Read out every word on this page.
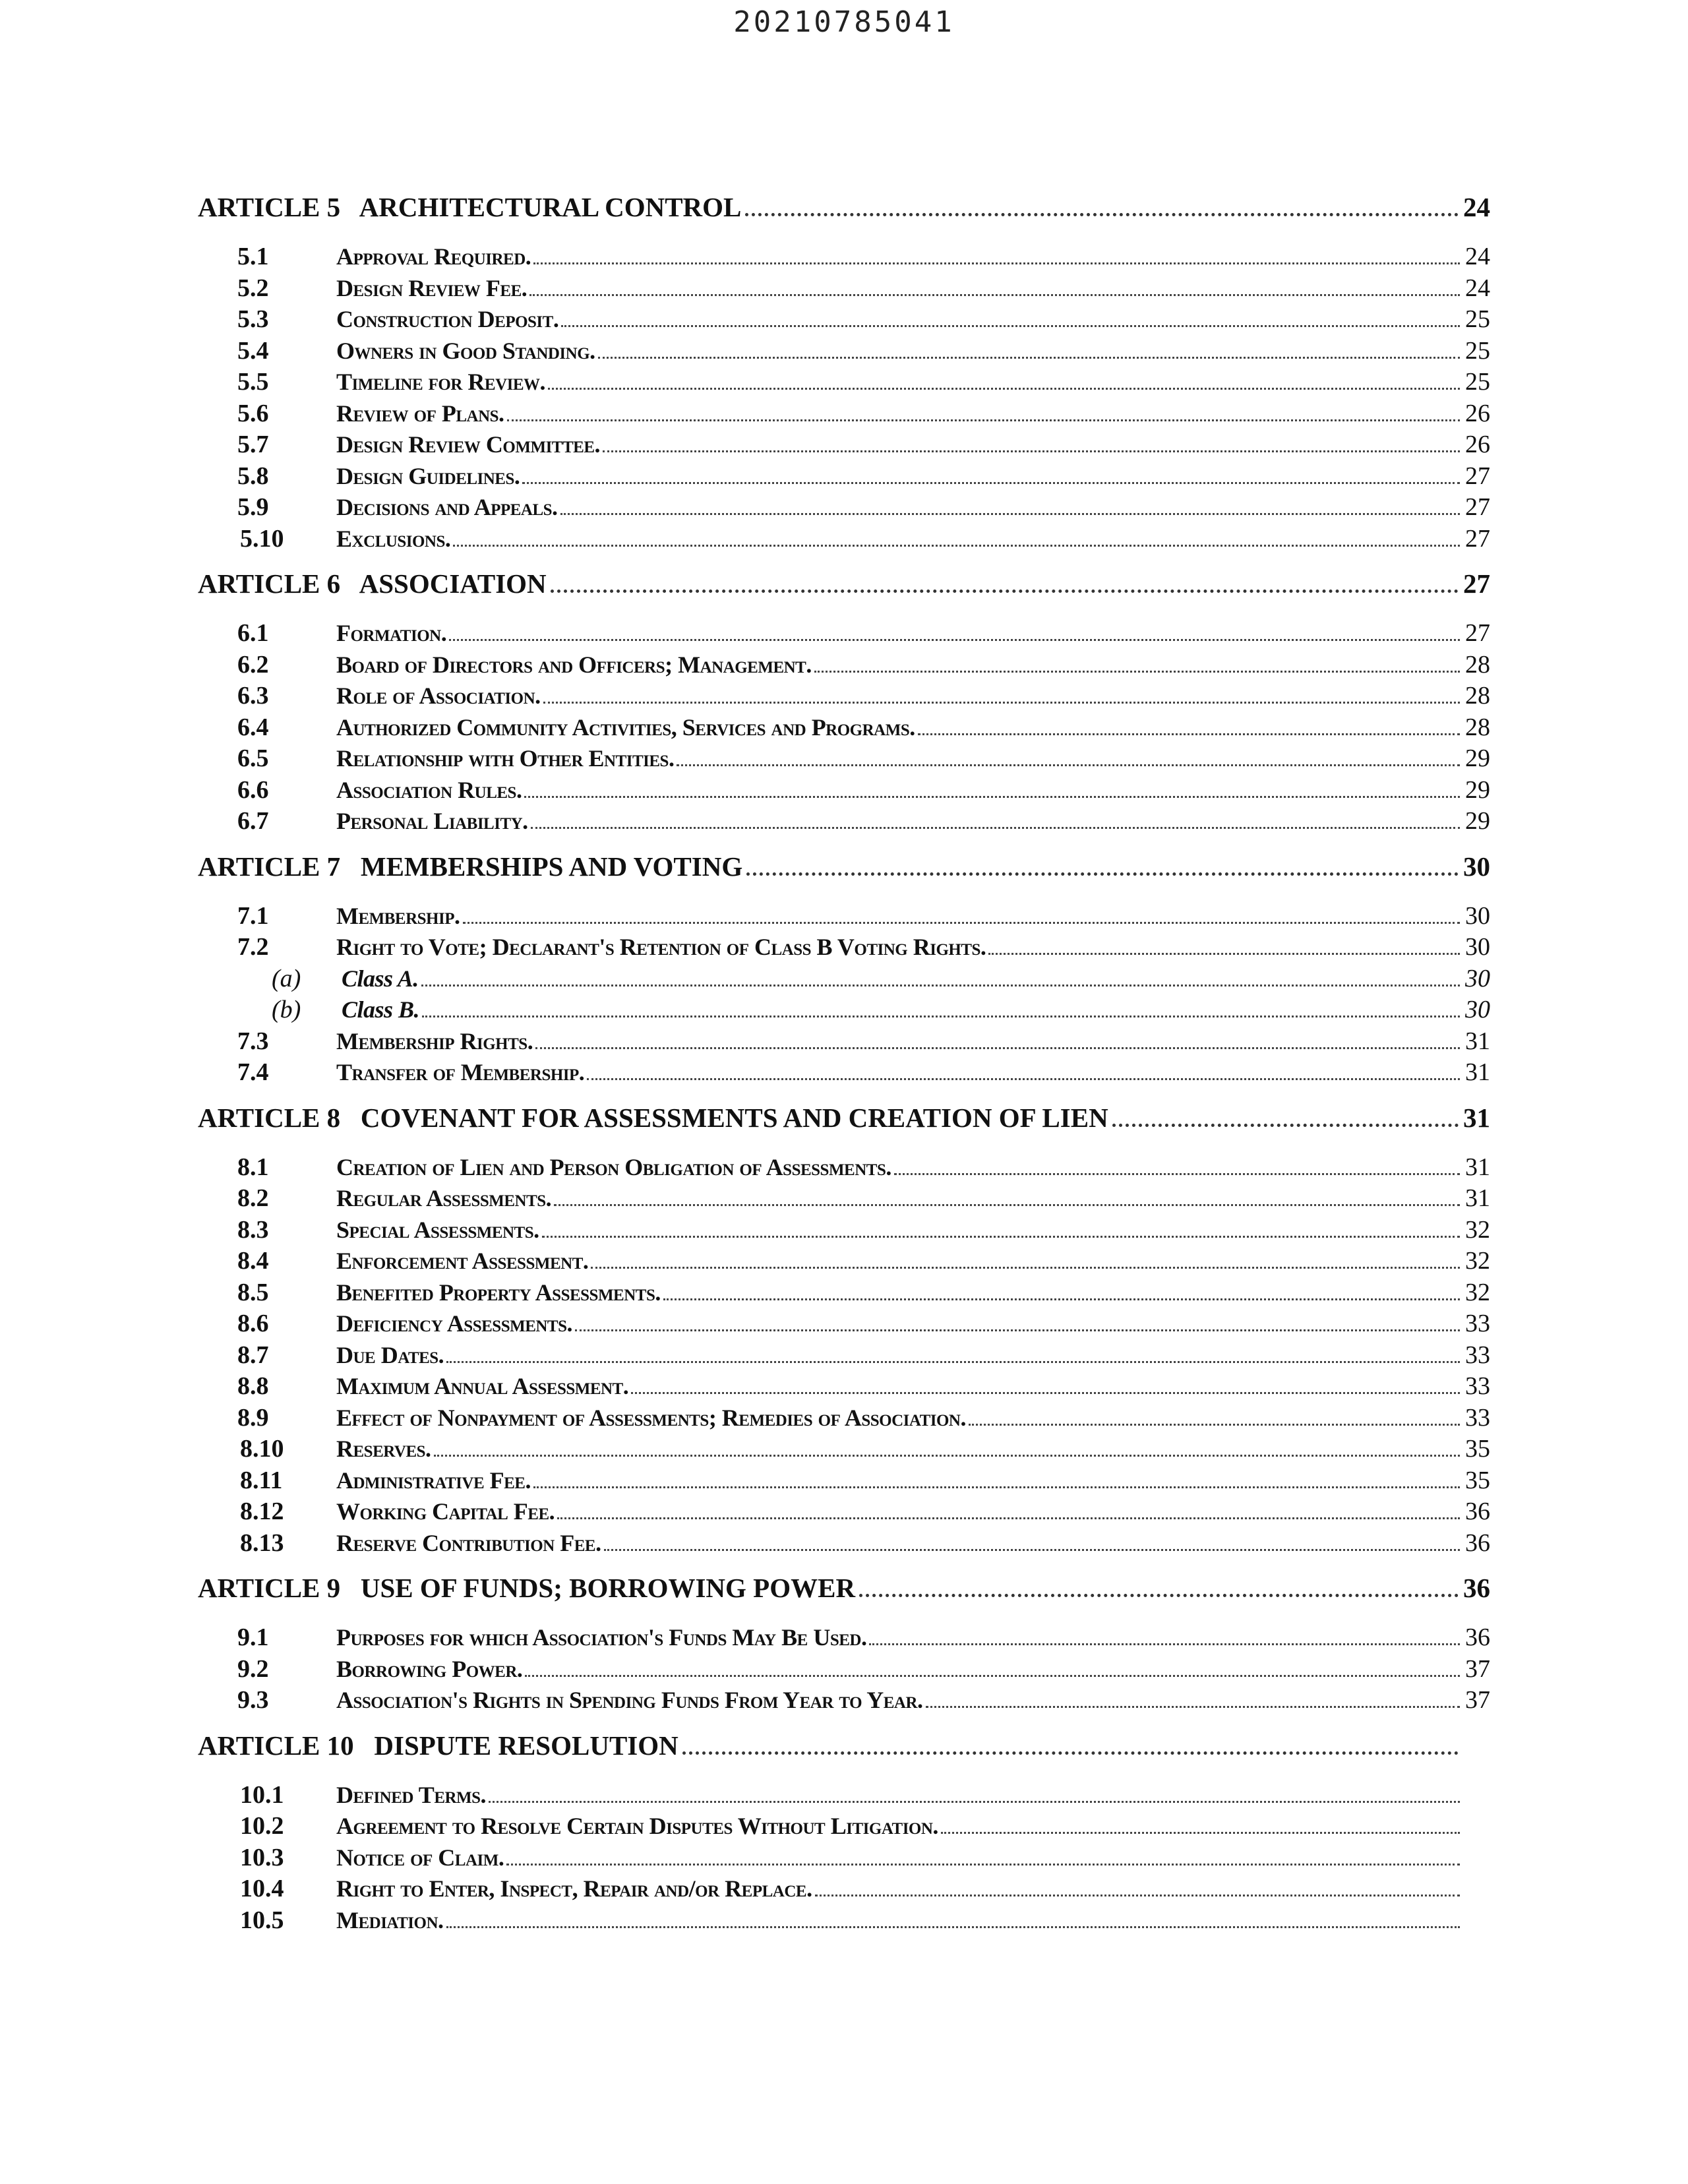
20210785041
ARTICLE 5   ARCHITECTURAL CONTROL	24
5.1	Approval Required.	24
5.2	Design Review Fee.	24
5.3	Construction Deposit.	25
5.4	Owners in Good Standing.	25
5.5	Timeline for Review.	25
5.6	Review of Plans.	26
5.7	Design Review Committee.	26
5.8	Design Guidelines.	27
5.9	Decisions and Appeals.	27
5.10	Exclusions.	27
ARTICLE 6   ASSOCIATION	27
6.1	Formation.	27
6.2	Board of Directors and Officers; Management.	28
6.3	Role of Association.	28
6.4	Authorized Community Activities, Services and Programs.	28
6.5	Relationship with Other Entities.	29
6.6	Association Rules.	29
6.7	Personal Liability.	29
ARTICLE 7   MEMBERSHIPS AND VOTING	30
7.1	Membership.	30
7.2	Right to Vote; Declarant's Retention of Class B Voting Rights.	30
(a)	Class A.	30
(b)	Class B.	30
7.3	Membership Rights.	31
7.4	Transfer of Membership.	31
ARTICLE 8   COVENANT FOR ASSESSMENTS AND CREATION OF LIEN	31
8.1	Creation of Lien and Person Obligation of Assessments.	31
8.2	Regular Assessments.	31
8.3	Special Assessments.	32
8.4	Enforcement Assessment.	32
8.5	Benefited Property Assessments.	32
8.6	Deficiency Assessments.	33
8.7	Due Dates.	33
8.8	Maximum Annual Assessment.	33
8.9	Effect of Nonpayment of Assessments; Remedies of Association.	33
8.10	Reserves.	35
8.11	Administrative Fee.	35
8.12	Working Capital Fee.	36
8.13	Reserve Contribution Fee.	36
ARTICLE 9   USE OF FUNDS; BORROWING POWER	36
9.1	Purposes for which Association's Funds May Be Used.	36
9.2	Borrowing Power.	37
9.3	Association's Rights in Spending Funds From Year to Year.	37
ARTICLE 10   DISPUTE RESOLUTION
10.1	Defined Terms.
10.2	Agreement to Resolve Certain Disputes Without Litigation.
10.3	Notice of Claim.
10.4	Right to Enter, Inspect, Repair and/or Replace.
10.5	Mediation.
